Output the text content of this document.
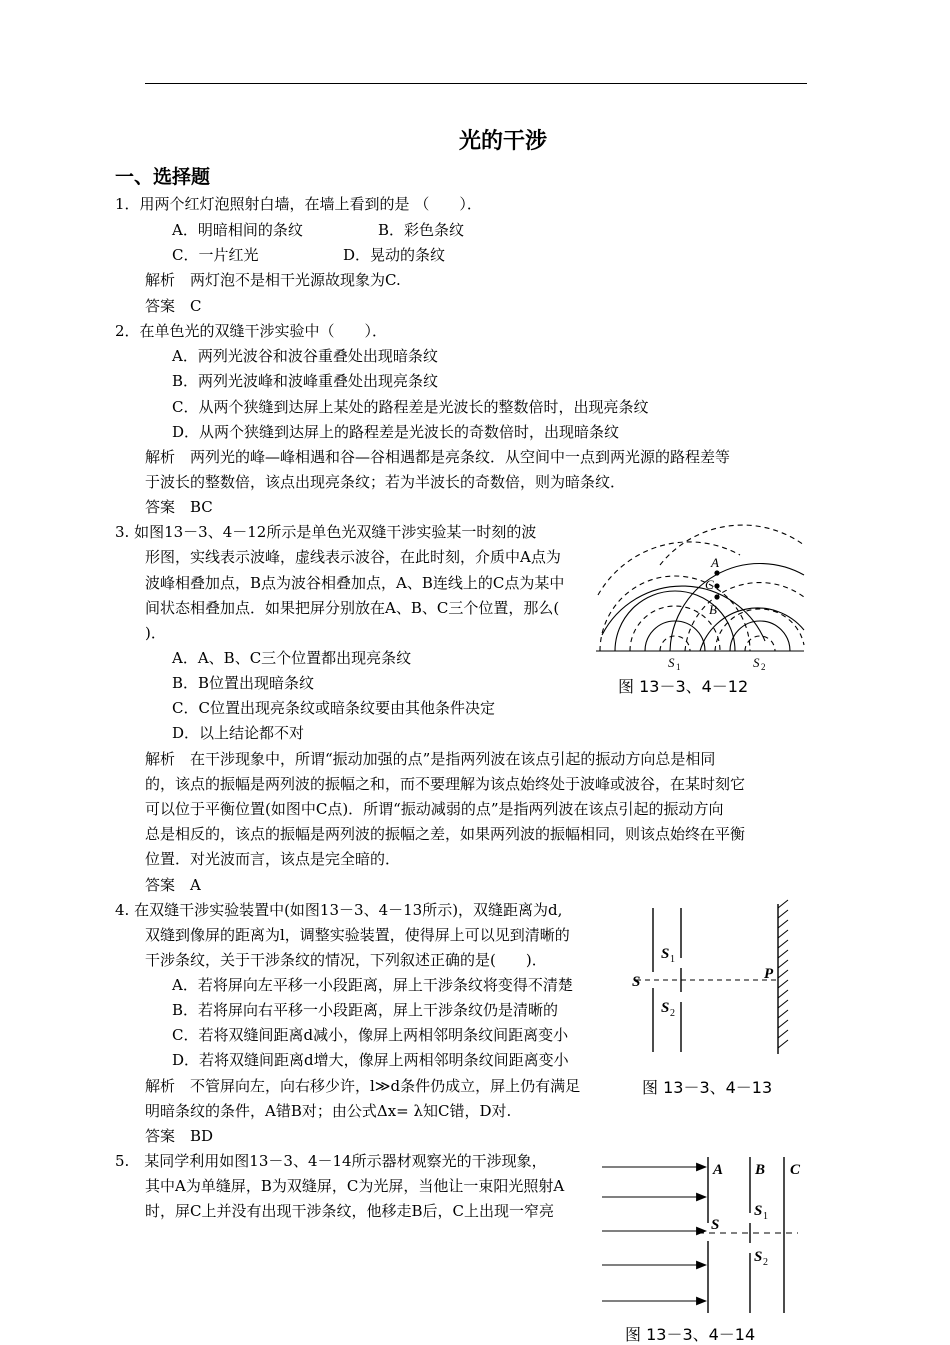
光的干涉
一、选择题
1．用两个红灯泡照射白墙，在墙上看到的是 （　　）．
A．明暗相间的条纹	B．彩色条纹
C．一片红光	D．晃动的条纹
解析　两灯泡不是相干光源故现象为C.
答案　C
2．在单色光的双缝干涉实验中（　　）．
A．两列光波谷和波谷重叠处出现暗条纹
B．两列光波峰和波峰重叠处出现亮条纹
C．从两个狭缝到达屏上某处的路程差是光波长的整数倍时，出现亮条纹
D．从两个狭缝到达屏上的路程差是光波长的奇数倍时，出现暗条纹
解析　两列光的峰—峰相遇和谷—谷相遇都是亮条纹．从空间中一点到两光源的路程差等
于波长的整数倍，该点出现亮条纹；若为半波长的奇数倍，则为暗条纹．
答案　BC
3. 如图13－3、4－12所示是单色光双缝干涉实验某一时刻的波
形图，实线表示波峰，虚线表示波谷，在此时刻，介质中A点为
波峰相叠加点，B点为波谷相叠加点，A、B连线上的C点为某中
间状态相叠加点．如果把屏分别放在A、B、C三个位置，那么(
)．
A．A、B、C三个位置都出现亮条纹
B．B位置出现暗条纹
C．C位置出现亮条纹或暗条纹要由其他条件决定
D．以上结论都不对
解析　在干涉现象中，所谓“振动加强的点”是指两列波在该点引起的振动方向总是相同
的，该点的振幅是两列波的振幅之和，而不要理解为该点始终处于波峰或波谷，在某时刻它
可以位于平衡位置(如图中C点)．所谓“振动减弱的点”是指两列波在该点引起的振动方向
总是相反的，该点的振幅是两列波的振幅之差，如果两列波的振幅相同，则该点始终在平衡
位置．对光波而言，该点是完全暗的．
答案　A
A
C
B
S 1	S 2
图 13－3、4－12
4. 在双缝干涉实验装置中(如图13－3、4－13所示)，双缝距离为d,
双缝到像屏的距离为l，调整实验装置，使得屏上可以见到清晰的
干涉条纹，关于干涉条纹的情况，下列叙述正确的是(　　)．
A．若将屏向左平移一小段距离，屏上干涉条纹将变得不清楚
B．若将屏向右平移一小段距离，屏上干涉条纹仍是清晰的
C．若将双缝间距离d减小，像屏上两相邻明条纹间距离变小
D．若将双缝间距离d增大，像屏上两相邻明条纹间距离变小
解析　不管屏向左，向右移少许，l≫d条件仍成立，屏上仍有满足
明暗条纹的条件，A错B对；由公式Δx= λ知C错，D对.
答案　BD
S	P
S 1
S 2
图 13－3、4－13
5.　某同学利用如图13－3、4－14所示器材观察光的干涉现象，
其中A为单缝屏，B为双缝屏，C为光屏，当他让一束阳光照射A
时，屏C上并没有出现干涉条纹，他移走B后，C上出现一窄亮
A B C
S
S 1
S 2
图 13－3、4－14
